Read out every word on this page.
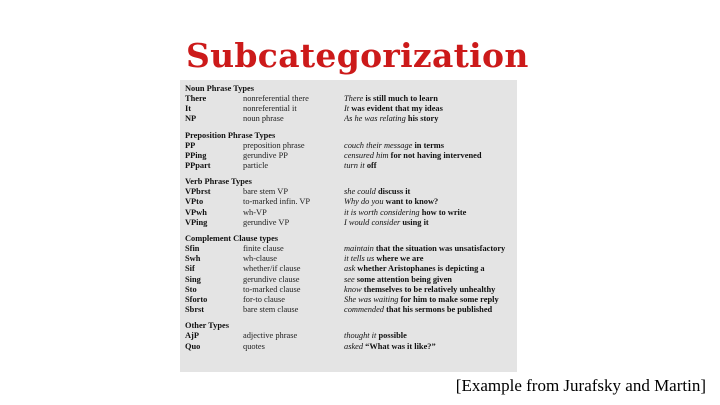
Subcategorization
Noun Phrase Types
There	nonreferential there	There is still much to learn
It	nonreferential it	It was evident that my ideas
NP	noun phrase	As he was relating his story
Preposition Phrase Types
PP	preposition phrase	couch their message in terms
PPing	gerundive PP	censured him for not having intervened
PPpart	particle	turn it off
Verb Phrase Types
VPbrst	bare stem VP	she could discuss it
VPto	to-marked infin. VP	Why do you want to know?
VPwh	wh-VP	it is worth considering how to write
VPing	gerundive VP	I would consider using it
Complement Clause types
Sfin	finite clause	maintain that the situation was unsatisfactory
Swh	wh-clause	it tells us where we are
Sif	whether/if clause	ask whether Aristophanes is depicting a
Sing	gerundive clause	see some attention being given
Sto	to-marked clause	know themselves to be relatively unhealthy
Sforto	for-to clause	She was waiting for him to make some reply
Sbrst	bare stem clause	commended that his sermons be published
Other Types
AjP	adjective phrase	thought it possible
Quo	quotes	asked “What was it like?”
[Example from Jurafsky and Martin]
